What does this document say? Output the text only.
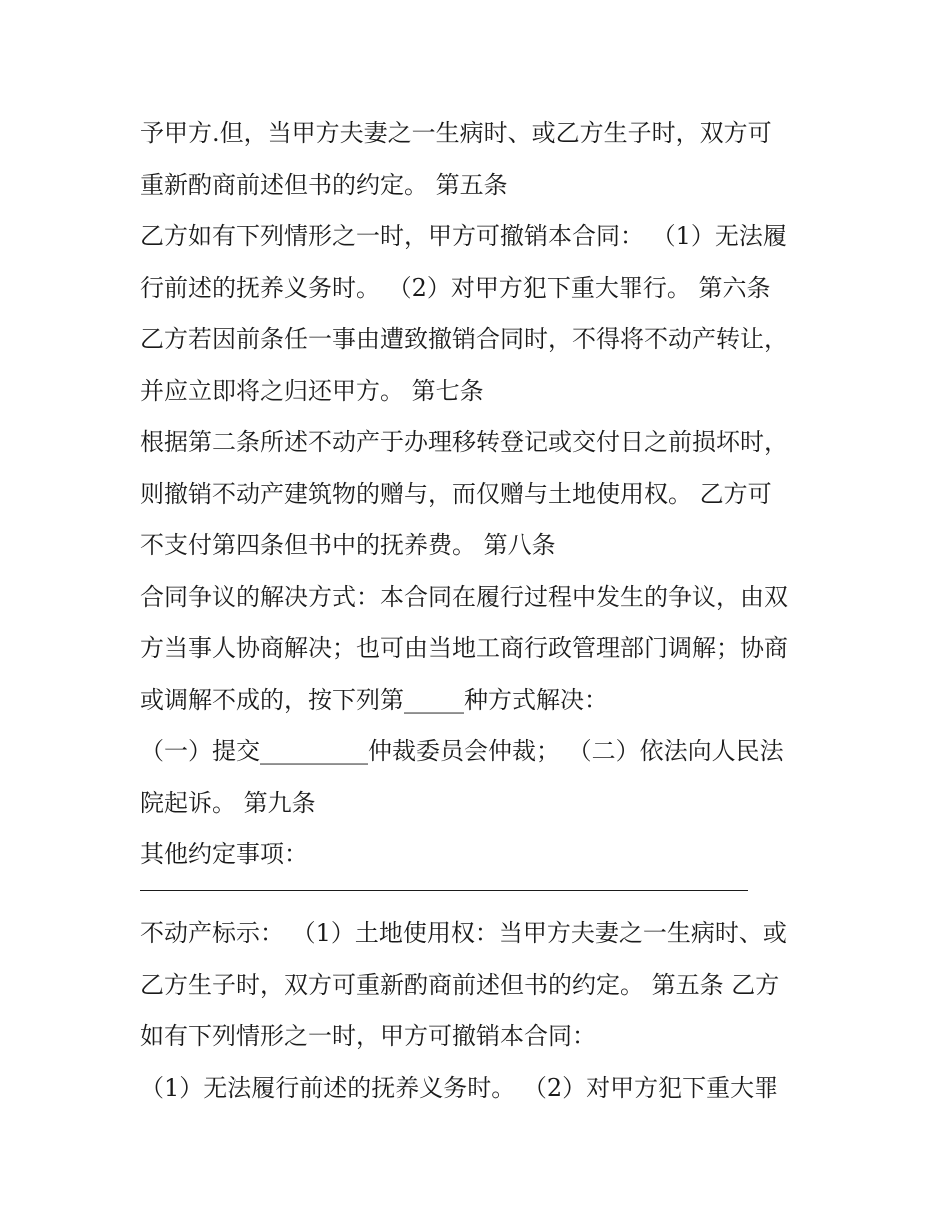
予甲方.但，当甲方夫妻之一生病时、或乙方生子时，双方可
重新酌商前述但书的约定。 第五条
乙方如有下列情形之一时，甲方可撤销本合同： （1）无法履
行前述的抚养义务时。 （2）对甲方犯下重大罪行。 第六条
乙方若因前条任一事由遭致撤销合同时，不得将不动产转让，
并应立即将之归还甲方。 第七条
根据第二条所述不动产于办理移转登记或交付日之前损坏时，
则撤销不动产建筑物的赠与，而仅赠与土地使用权。 乙方可
不支付第四条但书中的抚养费。 第八条
合同争议的解决方式：本合同在履行过程中发生的争议，由双
方当事人协商解决；也可由当地工商行政管理部门调解；协商
或调解不成的，按下列第_____种方式解决：
（一）提交_________仲裁委员会仲裁； （二）依法向人民法
院起诉。 第九条
其他约定事项：
不动产标示： （1）土地使用权：当甲方夫妻之一生病时、或
乙方生子时，双方可重新酌商前述但书的约定。 第五条 乙方
如有下列情形之一时，甲方可撤销本合同：
（1）无法履行前述的抚养义务时。 （2）对甲方犯下重大罪
